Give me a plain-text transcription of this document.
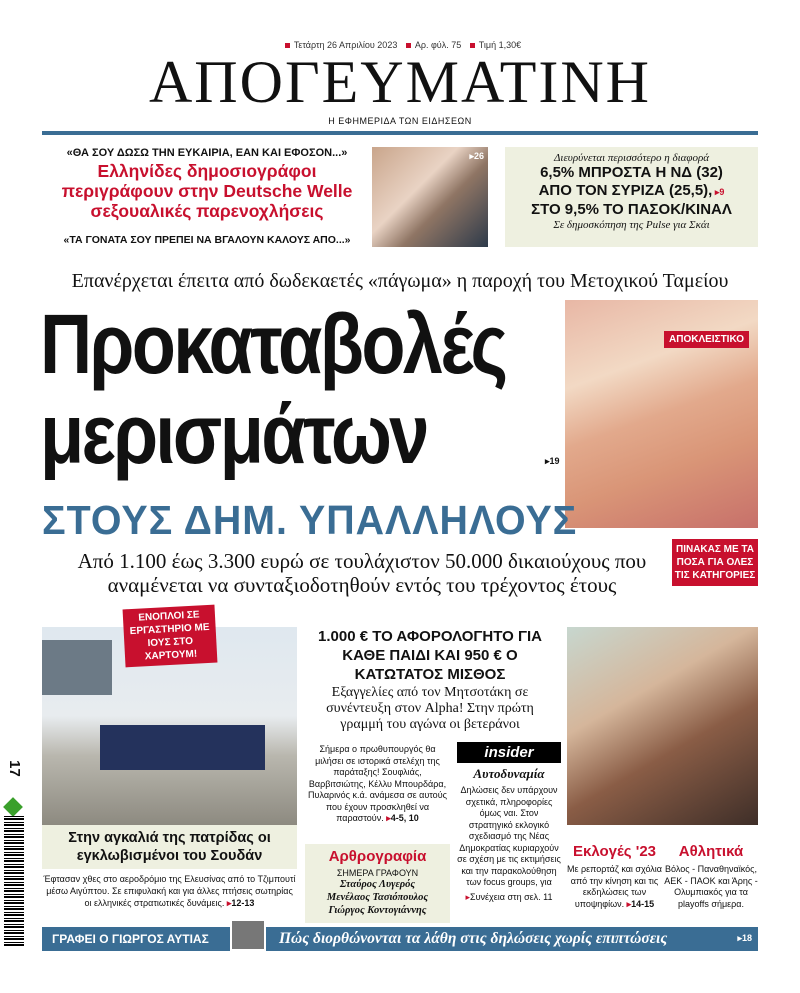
Τετάρτη 26 Απριλίου 2023 Αρ. φύλ. 75 Τιμή 1,30€
ΑΠΟΓΕΥΜΑΤΙΝΗ
Η ΕΦΗΜΕΡΙΔΑ ΤΩΝ ΕΙΔΗΣΕΩΝ
«ΘΑ ΣΟΥ ΔΩΣΩ ΤΗΝ ΕΥΚΑΙΡΙΑ, ΕΑΝ ΚΑΙ ΕΦΟΣΟΝ...»
Ελληνίδες δημοσιογράφοι περιγράφουν στην Deutsche Welle σεξουαλικές παρενοχλήσεις
«ΤΑ ΓΟΝΑΤΑ ΣΟΥ ΠΡΕΠΕΙ ΝΑ ΒΓΑΛΟΥΝ ΚΑΛΟΥΣ ΑΠΟ...»
▸26	Διευρύνεται περισσότερο η διαφορά
6,5% ΜΠΡΟΣΤΑ Η ΝΔ (32)
ΑΠΟ ΤΟΝ ΣΥΡΙΖΑ (25,5), ▸9
ΣΤΟ 9,5% ΤΟ ΠΑΣΟΚ/ΚΙΝΑΛ
Σε δημοσκόπηση της Pulse για Σκάι
Επανέρχεται έπειτα από δωδεκαετές «πάγωμα» η παροχή του Μετοχικού Ταμείου
Προκαταβολές
μερισμάτων	▸19
ΑΠΟΚΛΕΙΣΤΙΚΟ
ΣΤΟΥΣ ΔΗΜ. ΥΠΑΛΛΗΛΟΥΣ
Από 1.100 έως 3.300 ευρώ σε τουλάχιστον 50.000 δικαιούχους που αναμένεται να συνταξιοδοτηθούν εντός του τρέχοντος έτους
ΠΙΝΑΚΑΣ ΜΕ ΤΑ ΠΟΣΑ ΓΙΑ ΟΛΕΣ ΤΙΣ ΚΑΤΗΓΟΡΙΕΣ
ΕΝΟΠΛΟΙ ΣΕ ΕΡΓΑΣΤΗΡΙΟ ΜΕ ΙΟΥΣ ΣΤΟ ΧΑΡΤΟΥΜ!
Στην αγκαλιά της πατρίδας οι εγκλωβισμένοι του Σουδάν
Έφτασαν χθες στο αεροδρόμιο της Ελευσίνας από το Τζιμπουτί μέσω Αιγύπτου. Σε επιφυλακή και για άλλες πτήσεις σωτηρίας οι ελληνικές στρατιωτικές δυνάμεις. ▸12-13
1.000 € ΤΟ ΑΦΟΡΟΛΟΓΗΤΟ ΓΙΑ ΚΑΘΕ ΠΑΙΔΙ ΚΑΙ 950 € Ο ΚΑΤΩΤΑΤΟΣ ΜΙΣΘΟΣ
Εξαγγελίες από τον Μητσοτάκη σε συνέντευξη στον Alpha! Στην πρώτη γραμμή του αγώνα οι βετεράνοι
Σήμερα ο πρωθυπουργός θα μιλήσει σε ιστορικά στελέχη της παράταξης! Σουφλιάς, Βαρβιτσιώτης, Κέλλυ Μπουρδάρα, Πυλαρινός κ.ά. ανάμεσα σε αυτούς που έχουν προσκληθεί να παραστούν. ▸4-5, 10
Αρθρογραφία
ΣΗΜΕΡΑ ΓΡΑΦΟΥΝ
Σταύρος Λυγερός
Μενέλαος Τασιόπουλος
Γιώργος Κοντογιάννης
insider
Αυτοδυναμία
Δηλώσεις δεν υπάρχουν σχετικά, πληροφορίες όμως ναι. Στον στρατηγικό εκλογικό σχεδιασμό της Νέας Δημοκρατίας κυριαρχούν σε σχέση με τις εκτιμήσεις και την παρακολούθηση των focus groups, για
▸Συνέχεια στη σελ. 11
Εκλογές '23
Με ρεπορτάζ και σχόλια από την κίνηση και τις εκδηλώσεις των υποψηφίων. ▸14-15
Αθλητικά
Βόλος - Παναθηναϊκός, ΑΕΚ - ΠΑΟΚ και Άρης - Ολυμπιακός για τα playoffs σήμερα.
ΓΡΑΦΕΙ Ο ΓΙΩΡΓΟΣ ΑΥΤΙΑΣ	Πώς διορθώνονται τα λάθη στις δηλώσεις χωρίς επιπτώσεις	▸18
17
